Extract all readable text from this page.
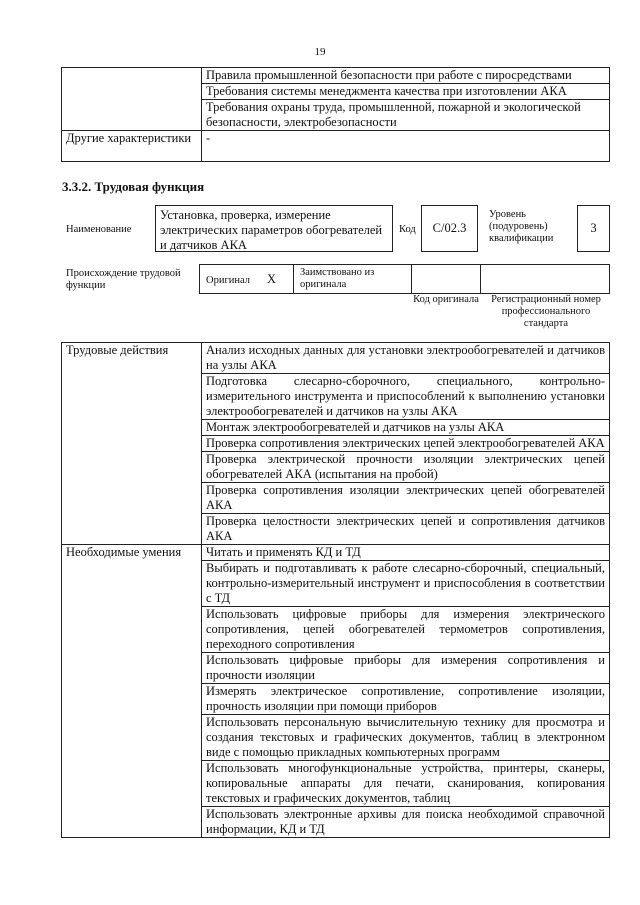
19
	Правила промышленной безопасности при работе с пиросредствами
	Требования системы менеджмента качества при изготовлении АКА
	Требования охраны труда, промышленной, пожарной и экологической безопасности, электробезопасности
Другие характеристики	-
3.3.2. Трудовая функция
Наименование
Установка, проверка, измерение электрических параметров обогревателей и датчиков АКА
Код С/02.3
Уровень (подуровень) квалификации
3
Происхождение трудовой функции	Оригинал X Заимствовано из оригинала
Код оригинала	Регистрационный номер профессионального стандарта
Трудовые действия	Анализ исходных данных для установки электрообогревателей и датчиков на узлы АКА
	Подготовка слесарно-сборочного, специального, контрольно-измерительного инструмента и приспособлений к выполнению установки электрообогревателей и датчиков на узлы АКА
	Монтаж электрообогревателей и датчиков на узлы АКА
	Проверка сопротивления электрических цепей электрообогревателей АКА
	Проверка электрической прочности изоляции электрических цепей обогревателей АКА (испытания на пробой)
	Проверка сопротивления изоляции электрических цепей обогревателей АКА
	Проверка целостности электрических цепей и сопротивления датчиков АКА
Необходимые умения	Читать и применять КД и ТД
	Выбирать и подготавливать к работе слесарно-сборочный, специальный, контрольно-измерительный инструмент и приспособления в соответствии с ТД
	Использовать цифровые приборы для измерения электрического сопротивления, цепей обогревателей термометров сопротивления, переходного сопротивления
	Использовать цифровые приборы для измерения сопротивления и прочности изоляции
	Измерять электрическое сопротивление, сопротивление изоляции, прочность изоляции при помощи приборов
	Использовать персональную вычислительную технику для просмотра и создания текстовых и графических документов, таблиц в электронном виде с помощью прикладных компьютерных программ
	Использовать многофункциональные устройства, принтеры, сканеры, копировальные аппараты для печати, сканирования, копирования текстовых и графических документов, таблиц
	Использовать электронные архивы для поиска необходимой справочной информации, КД и ТД
